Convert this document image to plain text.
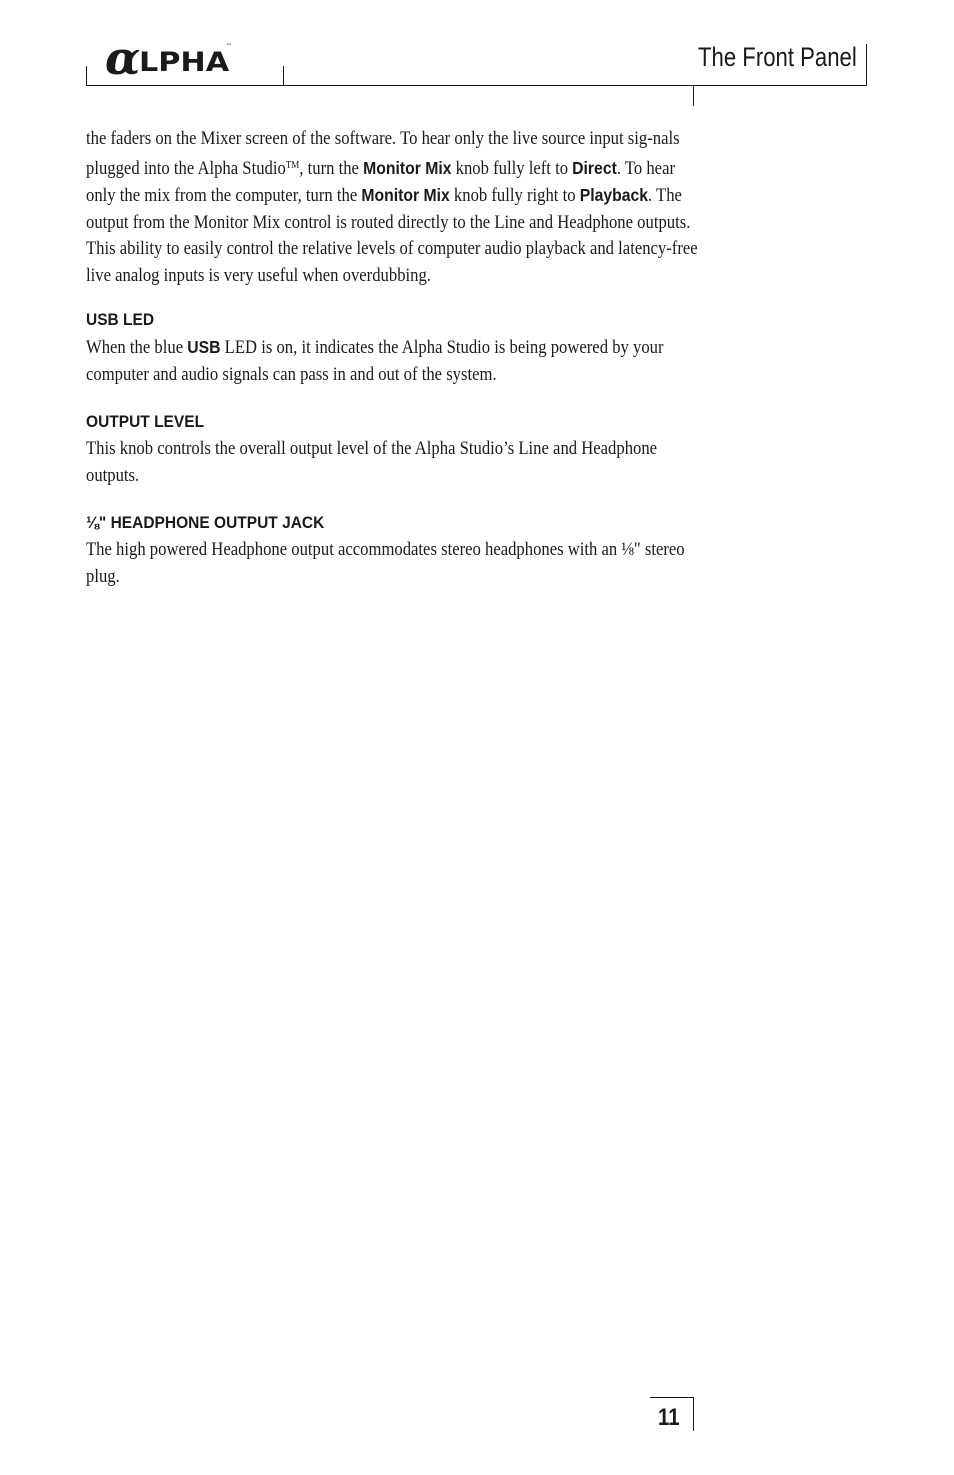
α LPHA
™	The Front Panel

the faders on the Mixer screen of the software. To hear only the live source input sig-nals plugged into the Alpha Studio™, turn the Monitor Mix knob fully left to Direct. To hear only the mix from the computer, turn the Monitor Mix knob fully right to Playback. The output from the Monitor Mix control is routed directly to the Line and Headphone outputs. This ability to easily control the relative levels of computer audio playback and latency-free live analog inputs is very useful when overdubbing.

USB LED

When the blue USB LED is on, it indicates the Alpha Studio is being powered by your computer and audio signals can pass in and out of the system.

OUTPUT LEVEL

This knob controls the overall output level of the Alpha Studio’s Line and Headphone outputs.

⅛" HEADPHONE OUTPUT JACK

The high powered Headphone output accommodates stereo headphones with an ⅛" stereo plug.

11
